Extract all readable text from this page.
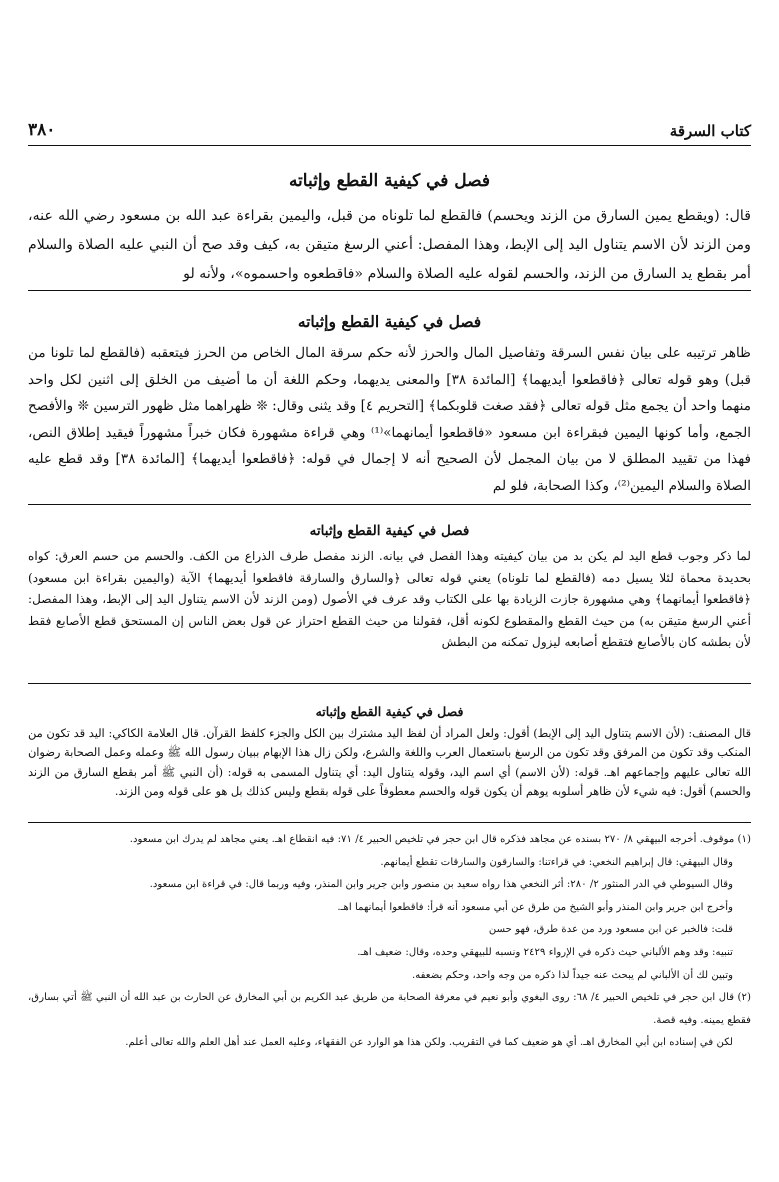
كتاب السرقة
٣٨٠

فصل في كيفية القطع وإثباته

قال: (ويقطع يمين السارق من الزند ويحسم) فالقطع لما تلوناه من قبل، واليمين بقراءة عبد الله بن مسعود رضي الله عنه، ومن الزند لأن الاسم يتناول اليد إلى الإبط، وهذا المفصل: أعني الرسغ متيقن به، كيف وقد صح أن النبي عليه الصلاة والسلام أمر بقطع يد السارق من الزند، والحسم لقوله عليه الصلاة والسلام «فاقطعوه واحسموه»، ولأنه لو

فصل في كيفية القطع وإثباته

ظاهر ترتيبه على بيان نفس السرقة وتفاصيل المال والحرز لأنه حكم سرقة المال الخاص من الحرز فيتعقبه (فالقطع لما تلونا من قبل) وهو قوله تعالى ﴿فاقطعوا أيديهما﴾ [المائدة ٣٨] والمعنى يديهما، وحكم اللغة أن ما أضيف من الخلق إلى اثنين لكل واحد منهما واحد أن يجمع مثل قوله تعالى ﴿فقد صغت قلوبكما﴾ [التحريم ٤] وقد يثنى وقال: ❊ ظهراهما مثل ظهور الترسين ❊ والأفصح الجمع، وأما كونها اليمين فبقراءة ابن مسعود «فاقطعوا أيمانهما»⁽¹⁾ وهي قراءة مشهورة فكان خبراً مشهوراً فيقيد إطلاق النص، فهذا من تقييد المطلق لا من بيان المجمل لأن الصحيح أنه لا إجمال في قوله: ﴿فاقطعوا أيديهما﴾ [المائدة ٣٨] وقد قطع عليه الصلاة والسلام اليمين⁽²⁾، وكذا الصحابة، فلو لم

فصل في كيفية القطع وإثباته

لما ذكر وجوب قطع اليد لم يكن بد من بيان كيفيته وهذا الفصل في بيانه. الزند مفصل طرف الذراع من الكف. والحسم من حسم العرق: كواه بحديدة محماة لئلا يسيل دمه (فالقطع لما تلوناه) يعني قوله تعالى ﴿والسارق والسارقة فاقطعوا أيديهما﴾ الآية (واليمين بقراءة ابن مسعود) ﴿فاقطعوا أيمانهما﴾ وهي مشهورة جازت الزيادة بها على الكتاب وقد عرف في الأصول (ومن الزند لأن الاسم يتناول اليد إلى الإبط، وهذا المفصل: أعني الرسغ متيقن به) من حيث القطع والمقطوع لكونه أقل، فقولنا من حيث القطع احتراز عن قول بعض الناس إن المستحق قطع الأصابع فقط لأن بطشه كان بالأصابع فتقطع أصابعه ليزول تمكنه من البطش

فصل في كيفية القطع وإثباته

قال المصنف: (لأن الاسم يتناول اليد إلى الإبط) أقول: ولعل المراد أن لفظ اليد مشترك بين الكل والجزء كلفظ القرآن. قال العلامة الكاكي: اليد قد تكون من المنكب وقد تكون من المرفق وقد تكون من الرسغ باستعمال العرب واللغة والشرع، ولكن زال هذا الإبهام ببيان رسول الله ﷺ وعمله وعمل الصحابة رضوان الله تعالى عليهم وإجماعهم اهـ. قوله: (لأن الاسم) أي اسم اليد، وقوله يتناول اليد: أي يتناول المسمى به قوله: (أن النبي ﷺ أمر بقطع السارق من الزند والحسم) أقول: فيه شيء لأن ظاهر أسلوبه يوهم أن يكون قوله والحسم معطوفاً على قوله بقطع وليس كذلك بل هو على قوله ومن الزند.

(١) موقوف. أخرجه البيهقي ٨/ ٢٧٠ بسنده عن مجاهد فذكره قال ابن حجر في تلخيص الحبير ٤/ ٧١: فيه انقطاع اهـ. يعني مجاهد لم يدرك ابن مسعود.

وقال البيهقي: قال إبراهيم النخعي: في قراءتنا: والسارقون والسارقات تقطع أيمانهم.

وقال السيوطي في الدر المنثور ٢/ ٢٨٠: أثر النخعي هذا رواه سعيد بن منصور وابن جرير وابن المنذر، وفيه وربما قال: في قراءة ابن مسعود.

وأخرج ابن جرير وابن المنذر وأبو الشيخ من طرق عن أبي مسعود أنه قرأ: فاقطعوا أيمانهما اهـ.

قلت: فالخبر عن ابن مسعود ورد من عدة طرق، فهو حسن

تنبيه: وقد وهم الألباني حيث ذكره في الإرواء ٢٤٢٩ ونسبه للبيهقي وحده، وقال: ضعيف اهـ.

وتبين لك أن الألباني لم يبحث عنه جيداً لذا ذكره من وجه واحد، وحكم بضعفه.

(٢) قال ابن حجر في تلخيص الحبير ٤/ ٦٨: روى البغوي وأبو نعيم في معرفة الصحابة من طريق عبد الكريم بن أبي المخارق عن الحارث بن عبد الله أن النبي ﷺ أتي بسارق، فقطع يمينه. وفيه قصة.

لكن في إسناده ابن أبي المخارق اهـ. أي هو ضعيف كما في التقريب. ولكن هذا هو الوارد عن الفقهاء، وعليه العمل عند أهل العلم والله تعالى أعلم.
